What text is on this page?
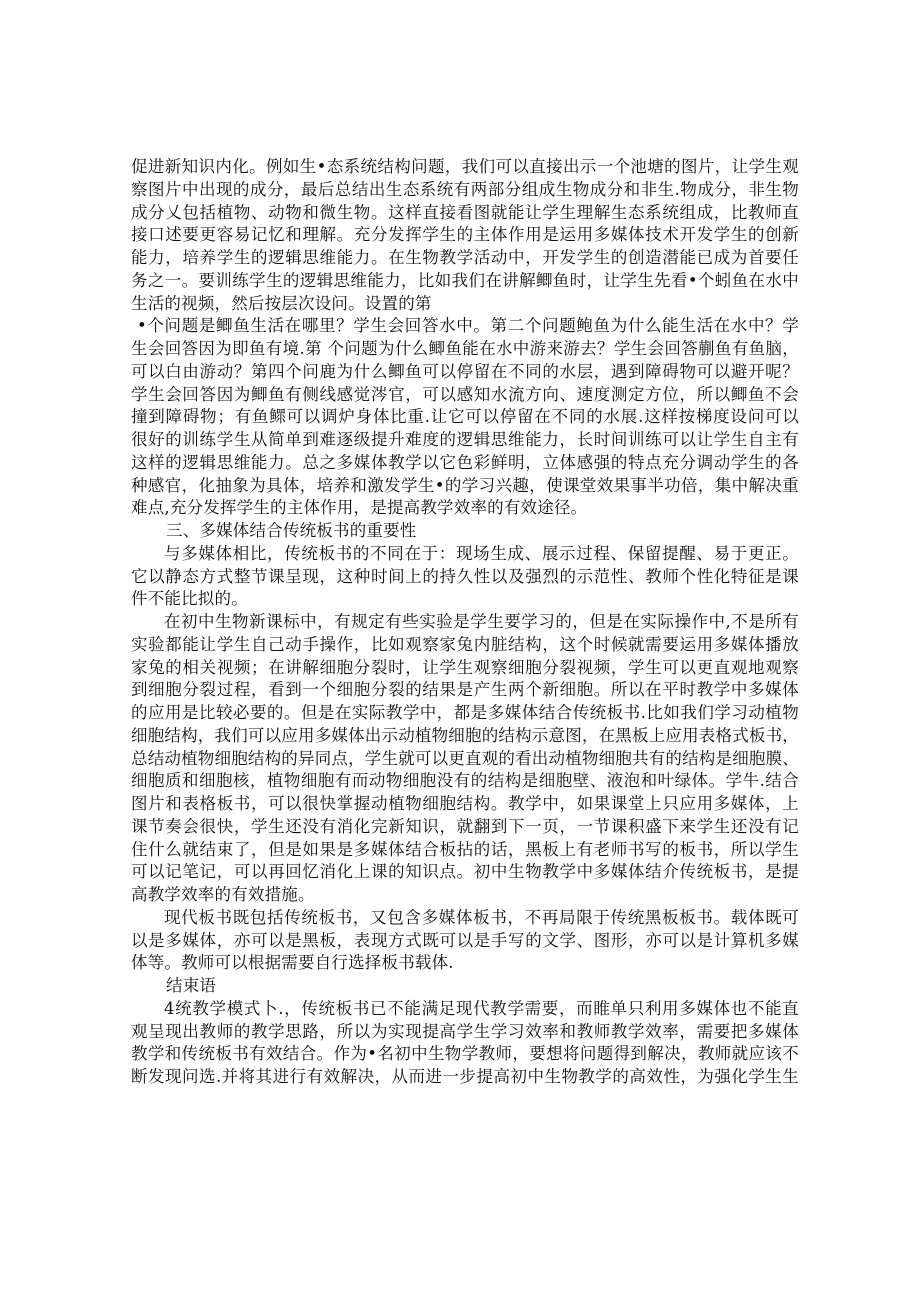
促进新知识内化。例如生•态系统结构问题，我们可以直接出示一个池塘的图片，让学生观
察图片中出现的成分，最后总结出生态系统有两部分组成生物成分和非生.物成分，非生物
成分乂包括植物、动物和微生物。这样直接看图就能让学生理解生态系统组成，比教师直
接口述要更容易记忆和理解。充分发挥学生的主体作用是运用多媒体技术开发学生的创新
能力，培养学生的逻辑思维能力。在生物教学活动中，开发学生的创造潜能已成为首要任
务之一。要训练学生的逻辑思维能力，比如我们在讲解鲫鱼时，让学生先看•个蚓鱼在水中
生活的视频，然后按层次设问。设置的第
•个问题是鲫鱼生活在哪里？学生会回答水中。第二个问题鲍鱼为什么能生活在水中？学
生会回答因为即鱼有境.第 个问题为什么鲫鱼能在水中游来游去？学生会回答蒯鱼有鱼脑，
可以白由游动？第四个问鹿为什么鲫鱼可以停留在不同的水层，遇到障碍物可以避开呢？
学生会回答因为鲫鱼有侧线感觉涔官，可以感知水流方向、速度测定方位，所以鲫鱼不会
撞到障碍物；有鱼鳏可以调炉身体比重.让它可以停留在不同的水展.这样按梯度设问可以
很好的训练学生从简单到难逐级提升难度的逻辑思维能力，长时间训练可以让学生自主有
这样的逻辑思维能力。总之多媒体教学以它色彩鲜明，立体感强的特点充分调动学生的各
种感官，化抽象为具体，培养和激发学生•的学习兴趣，使课堂效果事半功倍，集中解决重
难点,充分发挥学生的主体作用，是提高教学效率的有效途径。
三、多媒体结合传统板书的重要性
与多媒体相比，传统板书的不同在于：现场生成、展示过程、保留提醒、易于更正。
它以静态方式整节课呈现，这种时间上的持久性以及强烈的示范性、教师个性化特征是课
件不能比拟的。
在初中生物新课标中，有规定有些实验是学生要学习的，但是在实际操作中,不是所有
实验都能让学生自己动手操作，比如观察家兔内脏结构，这个时候就需要运用多媒体播放
家兔的相关视频；在讲解细胞分裂时，让学生观察细胞分裂视频，学生可以更直观地观察
到细胞分裂过程，看到一个细胞分裂的结果是产生两个新细胞。所以在平时教学中多媒体
的应用是比较必要的。但是在实际教学中，都是多媒体结合传统板书.比如我们学习动植物
细胞结构，我们可以应用多媒体出示动植物细胞的结构示意图，在黑板上应用表格式板书，
总结动植物细胞结构的异同点，学生就可以更直观的看出动植物细胞共有的结构是细胞膜、
细胞质和细胞核，植物细胞有而动物细胞没有的结构是细胞壁、液泡和叶绿体。学牛.结合
图片和表格板书，可以很快掌握动植物细胞结构。教学中，如果课堂上只应用多媒体，上
课节奏会很快，学生还没有消化完新知识，就翻到下一页，一节课积盛下来学生还没有记
住什么就结束了，但是如果是多媒体结合板拈的话，黑板上有老师书写的板书，所以学生
可以记笔记，可以再回忆消化上课的知识点。初中生物教学中多媒体结介传统板书，是提
高教学效率的有效措施。
现代板书既包括传统板书，又包含多媒体板书，不再局限于传统黑板板书。载体既可
以是多媒体，亦可以是黑板，表现方式既可以是手写的文学、图形，亦可以是计算机多媒
体等。教师可以根据需要自行选择板书载体.
结束语
4统教学模式卜.，传统板书已不能满足现代教学需要，而睢单只利用多媒体也不能直
观呈现出教师的教学思路，所以为实现提高学生学习效率和教师教学效率，需要把多媒体
教学和传统板书有效结合。作为•名初中生物学教师，要想将问题得到解决，教师就应该不
断发现问选.并将其进行有效解决，从而进一步提高初中生物教学的高效性，为强化学生生
